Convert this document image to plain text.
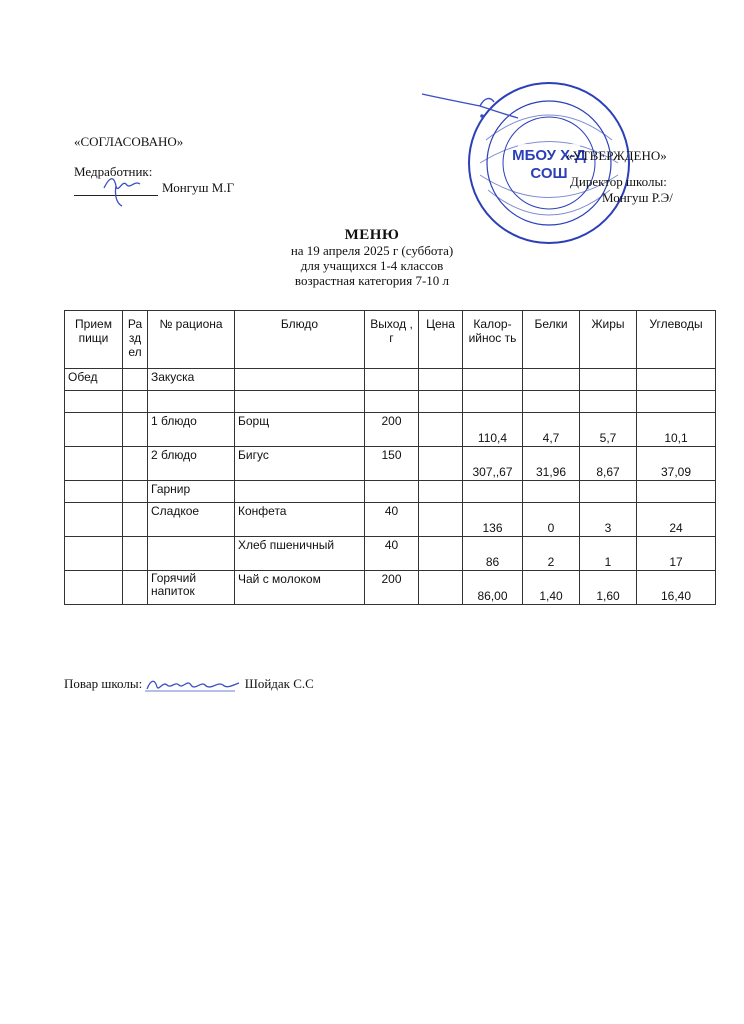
МБОУ Х-Д
СОШ
«СОГЛАСОВАНО»
Медработник:
Монгуш М.Г
«УТВЕРЖДЕНО»
Директор школы:
Монгуш Р.Э/
МЕНЮ
на 19 апреля 2025 г (суббота)
для учащихся 1-4 классов
возрастная категория 7-10 л
Прием пищи	Ра зд ел	№ рациона	Блюдо	Выход , г	Цена	Калор-ийнос ть	Белки	Жиры	Углеводы
Обед		Закуска							

		1 блюдо	Борщ	200		110,4	4,7	5,7	10,1
		2 блюдо	Бигус	150		307,,67	31,96	8,67	37,09
		Гарнир							
		Сладкое	Конфета	40		136	0	3	24
			Хлеб пшеничный	40		86	2	1	17
		Горячий напиток	Чай с молоком	200		86,00	1,40	1,60	16,40
Повар школы:	Шойдак С.С
